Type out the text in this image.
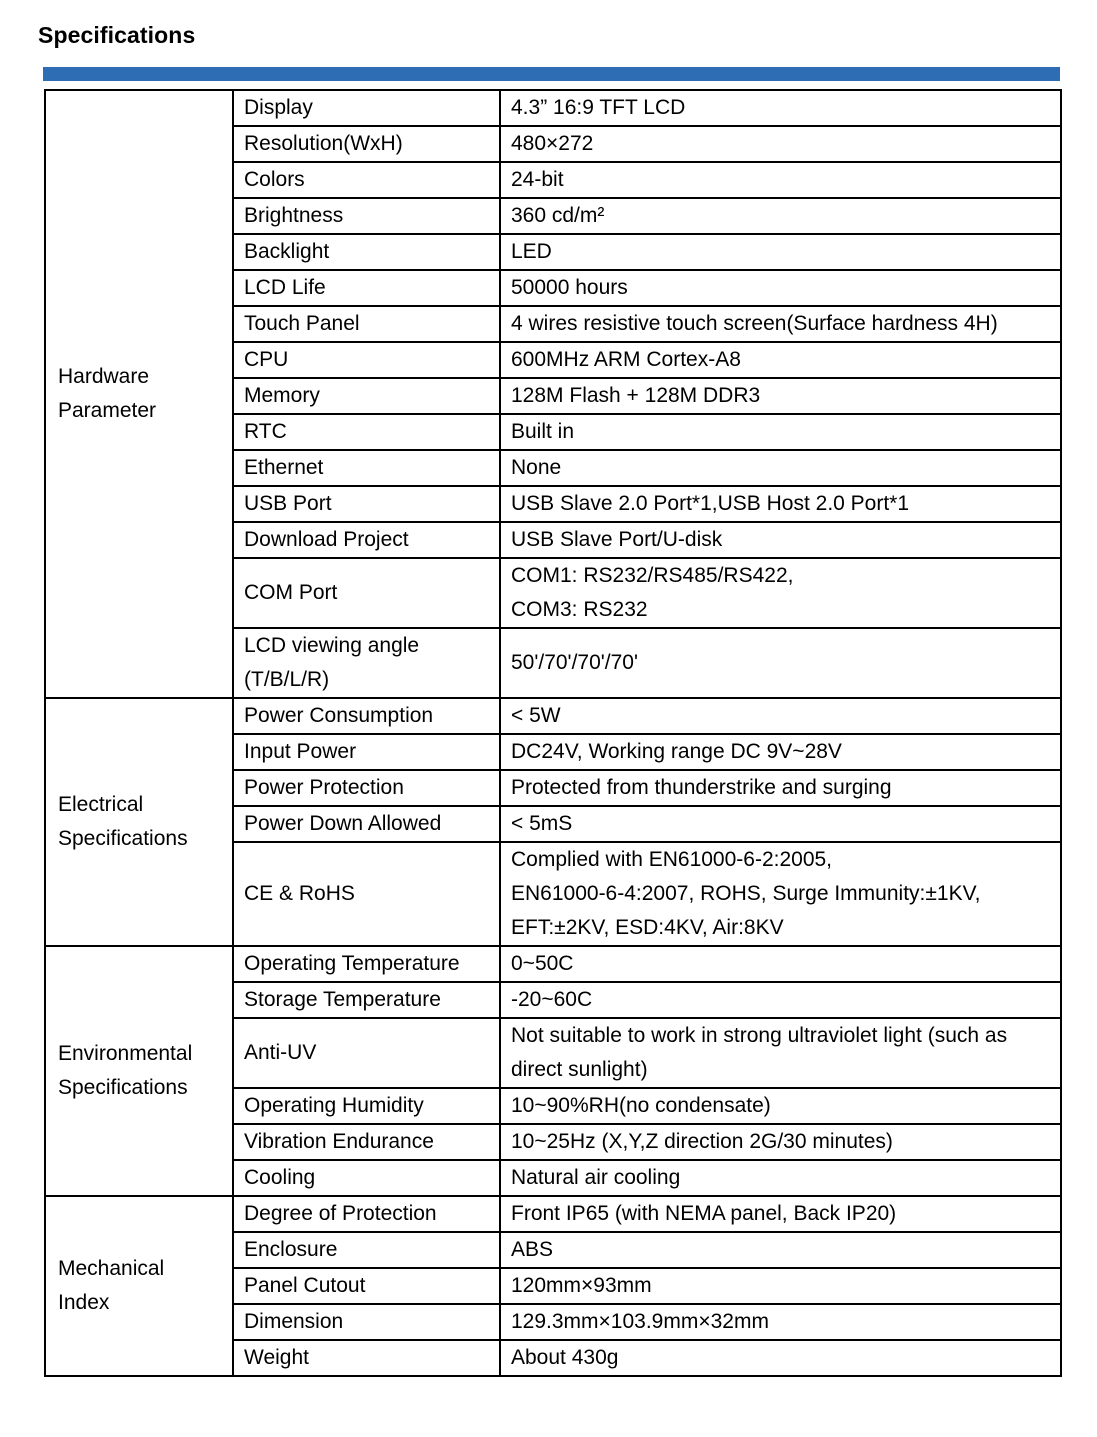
Specifications
Hardware
Parameter	Display	4.3” 16:9 TFT LCD

	Resolution(WxH)	480×272

	Colors	24-bit

	Brightness	360 cd/m²

	Backlight	LED

	LCD Life	50000 hours

	Touch Panel	4 wires resistive touch screen(Surface hardness 4H)

	CPU	600MHz ARM Cortex-A8

	Memory	128M Flash + 128M DDR3

	RTC	Built in

	Ethernet	None

	USB Port	USB Slave 2.0 Port*1,USB Host 2.0 Port*1

	Download Project	USB Slave Port/U-disk

	COM Port	COM1: RS232/RS485/RS422,
COM3: RS232

	LCD viewing angle
(T/B/L/R)	50'/70'/70'/70'

Electrical
Specifications	Power Consumption	< 5W

	Input Power	DC24V, Working range DC 9V~28V

	Power Protection	Protected from thunderstrike and surging

	Power Down Allowed	< 5mS

	CE & RoHS	Complied with EN61000-6-2:2005,
EN61000-6-4:2007, ROHS, Surge Immunity:±1KV,
EFT:±2KV, ESD:4KV, Air:8KV

Environmental
Specifications	Operating Temperature	0~50C

	Storage Temperature	-20~60C

	Anti-UV	Not suitable to work in strong ultraviolet light (such as
direct sunlight)

	Operating Humidity	10~90%RH(no condensate)

	Vibration Endurance	10~25Hz (X,Y,Z direction 2G/30 minutes)

	Cooling	Natural air cooling

Mechanical
Index	Degree of Protection	Front IP65 (with NEMA panel, Back IP20)

	Enclosure	ABS

	Panel Cutout	120mm×93mm

	Dimension	129.3mm×103.9mm×32mm

	Weight	About 430g
